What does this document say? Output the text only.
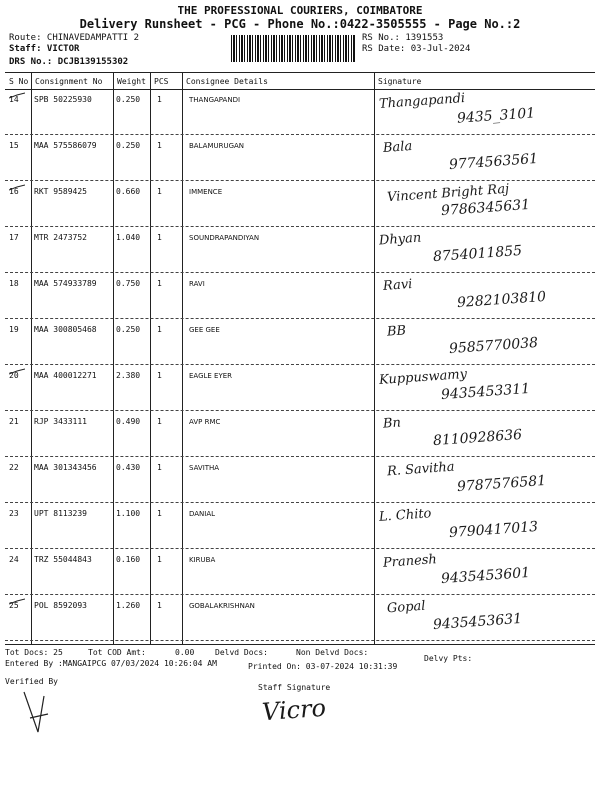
THE PROFESSIONAL COURIERS, COIMBATORE
Delivery Runsheet - PCG - Phone No.:0422-3505555 - Page No.:2
Route: CHINAVEDAMPATTI 2
Staff: VICTOR
DRS No.: DCJB139155302
RS No.: 1391553
RS Date: 03-Jul-2024
S No Consignment No Weight PCS Consignee Details	Signature
14 SPB 50225930	0.250 1	THANGAPANDI	Thangapandi
9435_3101
15 MAA 575586079 0.250 1	BALAMURUGAN	Bala
9774563561
16 RKT 9589425	0.660 1	IMMENCE	Vincent Bright Raj
9786345631
17 MTR 2473752	1.040 1	SOUNDRAPANDIYAN	Dhyan
8754011855
18 MAA 574933789 0.750 1	RAVI	Ravi
9282103810
19 MAA 300805468 0.250 1	GEE GEE	BB
9585770038
20 MAA 400012271 2.380 1	EAGLE EYER	Kuppuswamy
9435453311
21 RJP 3433111	0.490 1	AVP RMC	Bn
8110928636
22 MAA 301343456 0.430 1	SAVITHA	R. Savitha
9787576581
23 UPT 8113239	1.100 1	DANIAL	L. Chito
9790417013
24 TRZ 55044843	0.160 1	KIRUBA	Pranesh
9435453601
25 POL 8592093	1.260 1	GOBALAKRISHNAN	Gopal
9435453631
Tot Docs: 25	Tot COD Amt:	0.00	Delvd Docs:	Non Delvd Docs:
Delvy Pts:
Entered By :MANGAIPCG 07/03/2024 10:26:04 AM	Printed On: 03-07-2024 10:31:39
Verified By
Staff Signature
Vicro
